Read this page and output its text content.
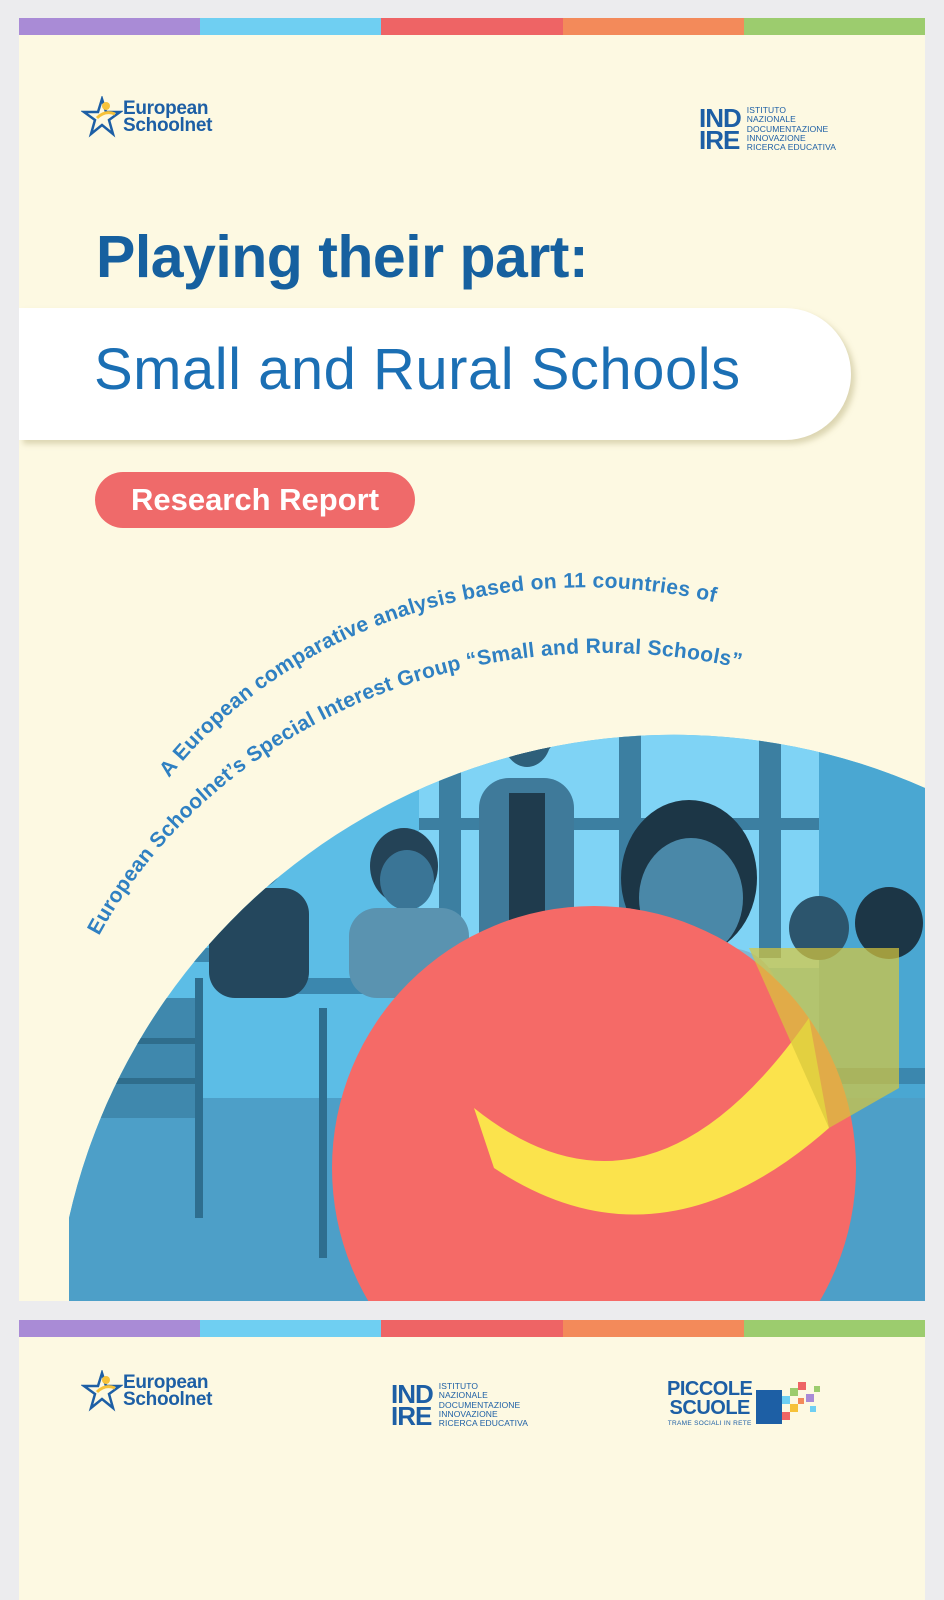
European
Schoolnet	IND
IRE
ISTITUTO
NAZIONALE
DOCUMENTAZIONE
INNOVAZIONE
RICERCA EDUCATIVA
Playing their part:
Small and Rural Schools
Research Report
A European comparative analysis based on 11 countries of
European Schoolnet’s Special Interest Group “Small and Rural Schools”
European
Schoolnet	IND
IRE
ISTITUTO
NAZIONALE
DOCUMENTAZIONE
INNOVAZIONE
RICERCA EDUCATIVA
PICCOLE
SCUOLE
TRAME SOCIALI IN RETE
